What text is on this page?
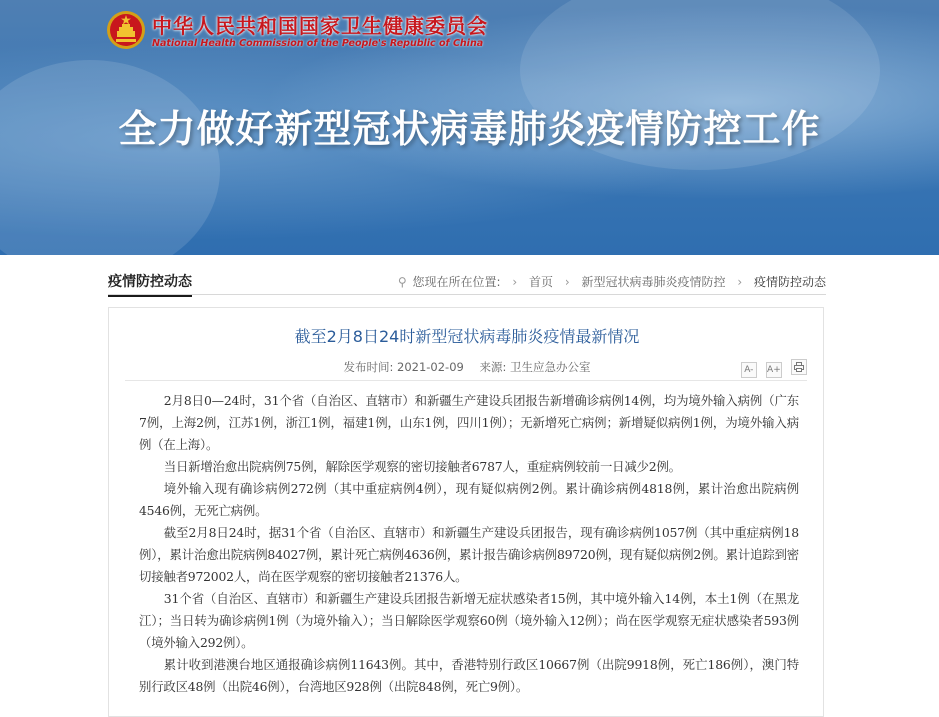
中华人民共和国国家卫生健康委员会
National Health Commission of the People's Republic of China
全力做好新型冠状病毒肺炎疫情防控工作
疫情防控动态	⚲ 您现在所在位置: › 首页 › 新型冠状病毒肺炎疫情防控 › 疫情防控动态
截至2月8日24时新型冠状病毒肺炎疫情最新情况
发布时间: 2021-02-09 来源: 卫生应急办公室	A- A+

2月8日0—24时，31个省（自治区、直辖市）和新疆生产建设兵团报告新增确诊病例14例，均为境外输入病例（广东7例，上海2例，江苏1例，浙江1例，福建1例，山东1例，四川1例）；无新增死亡病例；新增疑似病例1例，为境外输入病例（在上海）。

当日新增治愈出院病例75例，解除医学观察的密切接触者6787人，重症病例较前一日减少2例。

境外输入现有确诊病例272例（其中重症病例4例），现有疑似病例2例。累计确诊病例4818例，累计治愈出院病例4546例，无死亡病例。

截至2月8日24时，据31个省（自治区、直辖市）和新疆生产建设兵团报告，现有确诊病例1057例（其中重症病例18例），累计治愈出院病例84027例，累计死亡病例4636例，累计报告确诊病例89720例，现有疑似病例2例。累计追踪到密切接触者972002人，尚在医学观察的密切接触者21376人。

31个省（自治区、直辖市）和新疆生产建设兵团报告新增无症状感染者15例，其中境外输入14例，本土1例（在黑龙江）；当日转为确诊病例1例（为境外输入）；当日解除医学观察60例（境外输入12例）；尚在医学观察无症状感染者593例（境外输入292例）。

累计收到港澳台地区通报确诊病例11643例。其中，香港特别行政区10667例（出院9918例，死亡186例），澳门特别行政区48例（出院46例），台湾地区928例（出院848例，死亡9例）。
